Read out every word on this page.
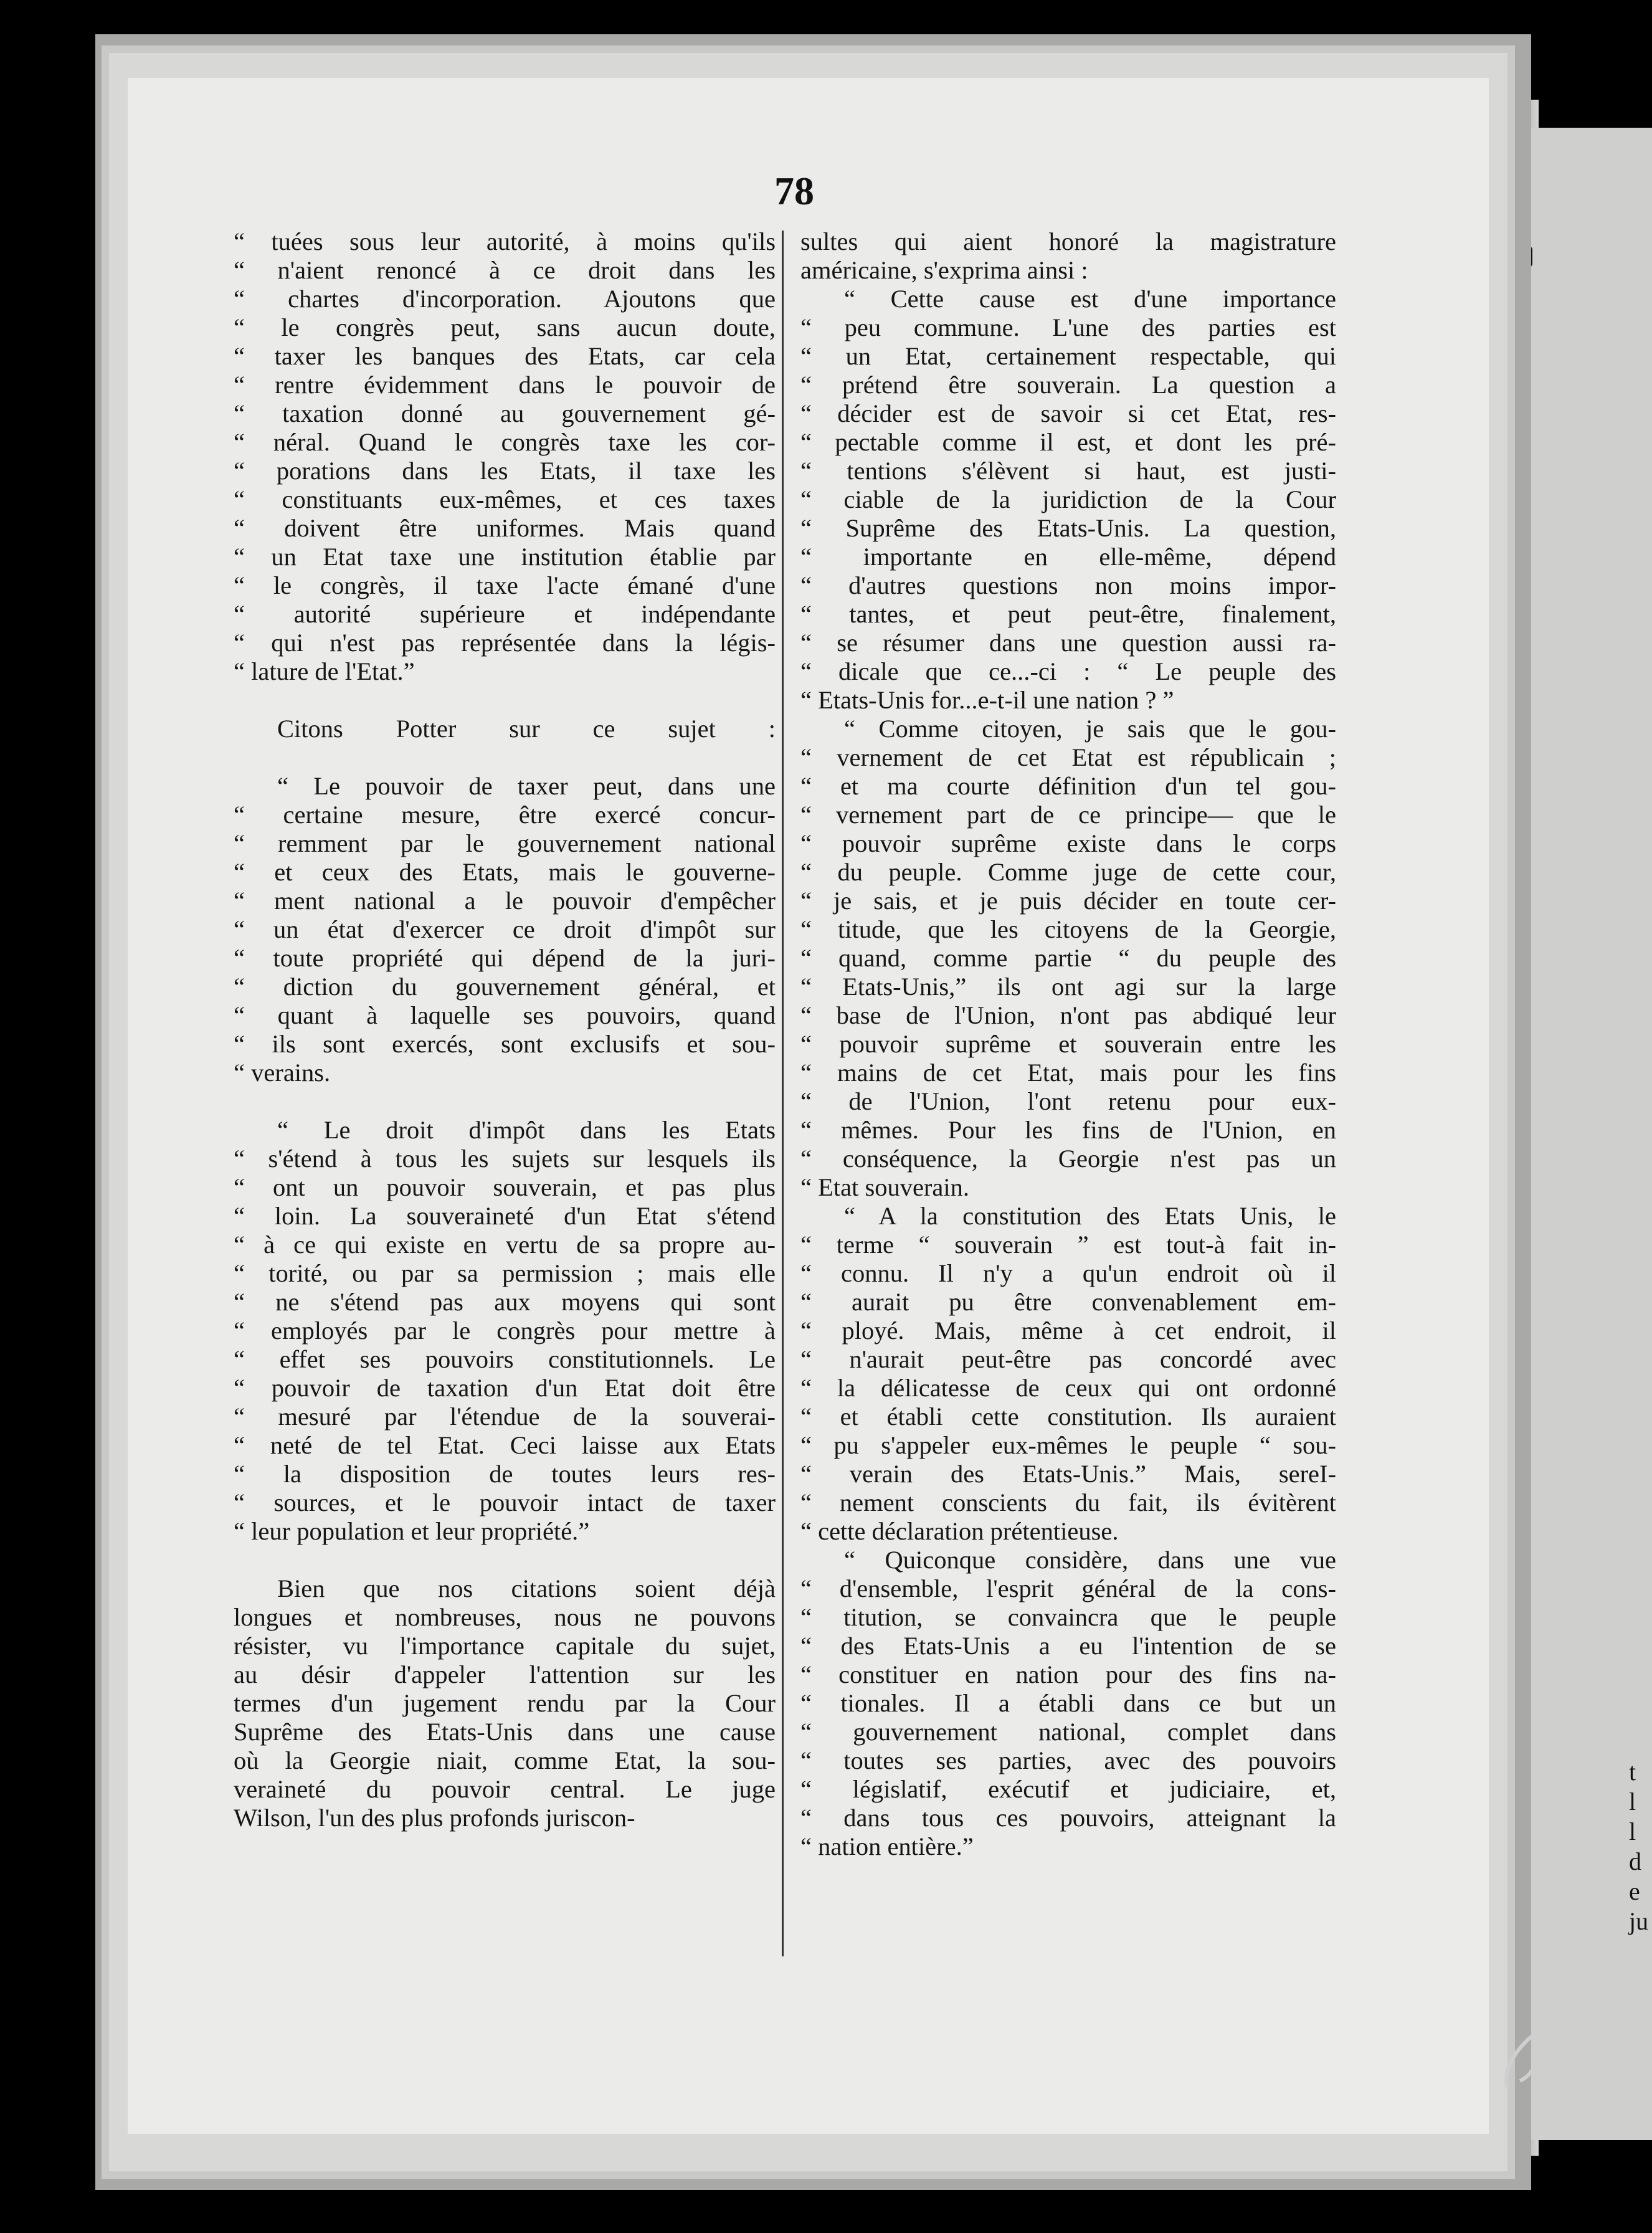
t
l
l
d
e
ju
78
“ tuées sous leur autorité, à moins qu'ils
“ n'aient renoncé à ce droit dans les
“ chartes d'incorporation. Ajoutons que
“ le congrès peut, sans aucun doute,
“ taxer les banques des Etats, car cela
“ rentre évidemment dans le pouvoir de
“ taxation donné au gouvernement gé-
“ néral. Quand le congrès taxe les cor-
“ porations dans les Etats, il taxe les
“ constituants eux-mêmes, et ces taxes
“ doivent être uniformes. Mais quand
“ un Etat taxe une institution établie par
“ le congrès, il taxe l'acte émané d'une
“ autorité supérieure et indépendante
“ qui n'est pas représentée dans la légis-
“ lature de l'Etat.”
Citons Potter sur ce sujet :
“ Le pouvoir de taxer peut, dans une
“ certaine mesure, être exercé concur-
“ remment par le gouvernement national
“ et ceux des Etats, mais le gouverne-
“ ment national a le pouvoir d'empêcher
“ un état d'exercer ce droit d'impôt sur
“ toute propriété qui dépend de la juri-
“ diction du gouvernement général, et
“ quant à laquelle ses pouvoirs, quand
“ ils sont exercés, sont exclusifs et sou-
“ verains.
“ Le droit d'impôt dans les Etats
“ s'étend à tous les sujets sur lesquels ils
“ ont un pouvoir souverain, et pas plus
“ loin. La souveraineté d'un Etat s'étend
“ à ce qui existe en vertu de sa propre au-
“ torité, ou par sa permission ; mais elle
“ ne s'étend pas aux moyens qui sont
“ employés par le congrès pour mettre à
“ effet ses pouvoirs constitutionnels. Le
“ pouvoir de taxation d'un Etat doit être
“ mesuré par l'étendue de la souverai-
“ neté de tel Etat. Ceci laisse aux Etats
“ la disposition de toutes leurs res-
“ sources, et le pouvoir intact de taxer
“ leur population et leur propriété.”
Bien que nos citations soient déjà
longues et nombreuses, nous ne pouvons
résister, vu l'importance capitale du sujet,
au désir d'appeler l'attention sur les
termes d'un jugement rendu par la Cour
Suprême des Etats-Unis dans une cause
où la Georgie niait, comme Etat, la sou-
veraineté du pouvoir central. Le juge
Wilson, l'un des plus profonds juriscon-
sultes qui aient honoré la magistrature
américaine, s'exprima ainsi :
“ Cette cause est d'une importance
“ peu commune. L'une des parties est
“ un Etat, certainement respectable, qui
“ prétend être souverain. La question a
“ décider est de savoir si cet Etat, res-
“ pectable comme il est, et dont les pré-
“ tentions s'élèvent si haut, est justi-
“ ciable de la juridiction de la Cour
“ Suprême des Etats-Unis. La question,
“ importante en elle-même, dépend
“ d'autres questions non moins impor-
“ tantes, et peut peut-être, finalement,
“ se résumer dans une question aussi ra-
“ dicale que ce...-ci : “ Le peuple des
“ Etats-Unis for...e-t-il une nation ? ”
“ Comme citoyen, je sais que le gou-
“ vernement de cet Etat est républicain ;
“ et ma courte définition d'un tel gou-
“ vernement part de ce principe— que le
“ pouvoir suprême existe dans le corps
“ du peuple. Comme juge de cette cour,
“ je sais, et je puis décider en toute cer-
“ titude, que les citoyens de la Georgie,
“ quand, comme partie “ du peuple des
“ Etats-Unis,” ils ont agi sur la large
“ base de l'Union, n'ont pas abdiqué leur
“ pouvoir suprême et souverain entre les
“ mains de cet Etat, mais pour les fins
“ de l'Union, l'ont retenu pour eux-
“ mêmes. Pour les fins de l'Union, en
“ conséquence, la Georgie n'est pas un
“ Etat souverain.
“ A la constitution des Etats Unis, le
“ terme “ souverain ” est tout-à fait in-
“ connu. Il n'y a qu'un endroit où il
“ aurait pu être convenablement em-
“ ployé. Mais, même à cet endroit, il
“ n'aurait peut-être pas concordé avec
“ la délicatesse de ceux qui ont ordonné
“ et établi cette constitution. Ils auraient
“ pu s'appeler eux-mêmes le peuple “ sou-
“ verain des Etats-Unis.” Mais, sereI-
“ nement conscients du fait, ils évitèrent
“ cette déclaration prétentieuse.
“ Quiconque considère, dans une vue
“ d'ensemble, l'esprit général de la cons-
“ titution, se convaincra que le peuple
“ des Etats-Unis a eu l'intention de se
“ constituer en nation pour des fins na-
“ tionales. Il a établi dans ce but un
“ gouvernement national, complet dans
“ toutes ses parties, avec des pouvoirs
“ législatif, exécutif et judiciaire, et,
“ dans tous ces pouvoirs, atteignant la
“ nation entière.”
